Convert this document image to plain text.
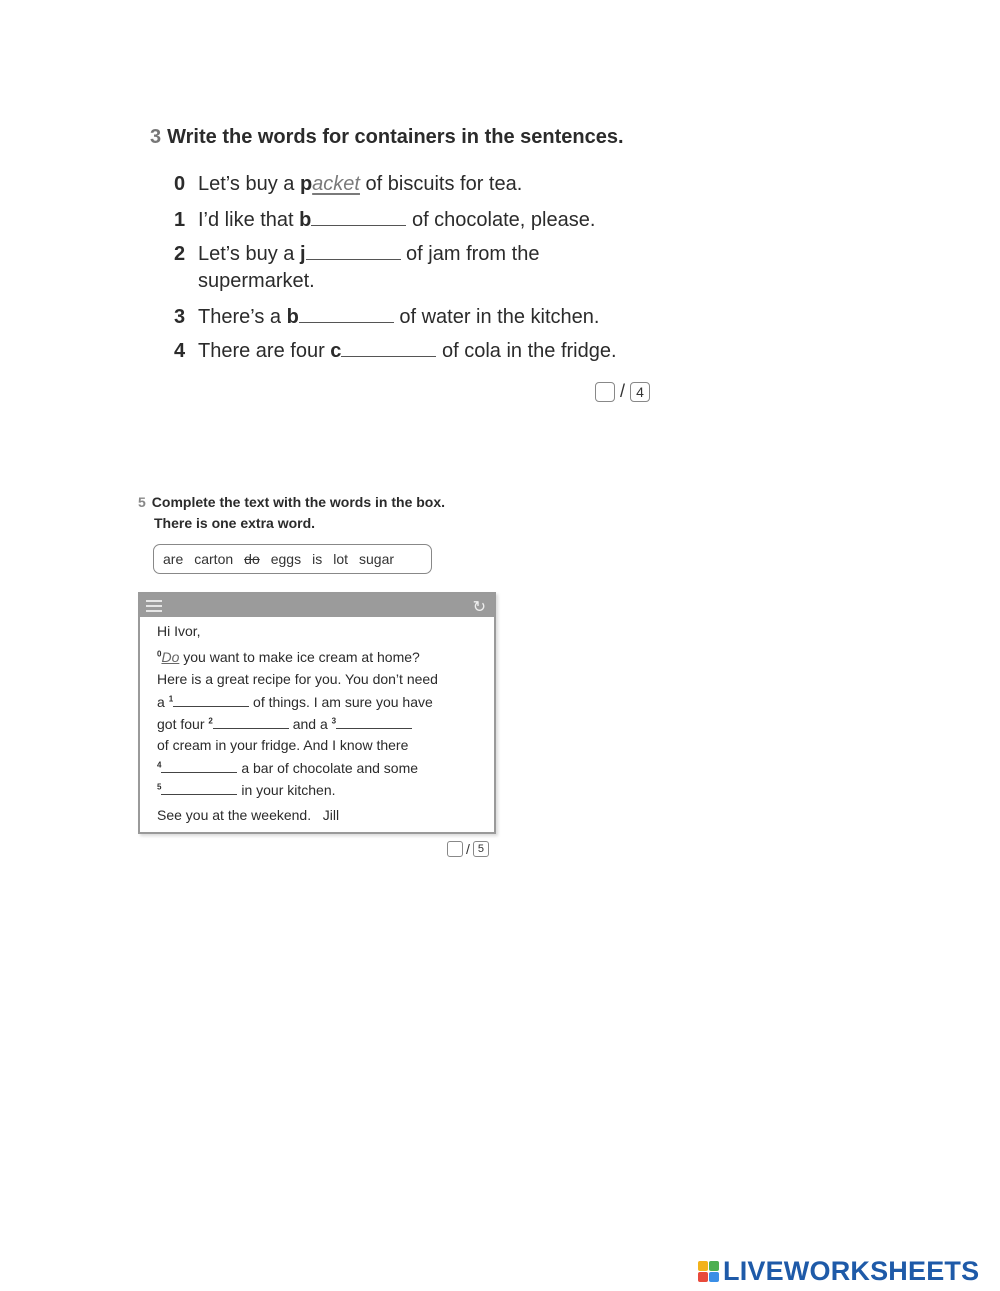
3 Write the words for containers in the sentences.
0 Let’s buy a packet of biscuits for tea.
1 I’d like that b	of chocolate, please.
2 Let’s buy a j	of jam from the
supermarket.
3 There’s a b	of water in the kitchen.
4 There are four c	of cola in the fridge.
/ 4
5 Complete the text with the words in the box.
There is one extra word.
are carton do eggs is lot sugar
↻
Hi Ivor,
$^0$Do you want to make ice cream at home?
Here is a great recipe for you. You don’t need
a $^1$	of things. I am sure you have
got four $^2$	and a $^3$
of cream in your fridge. And I know there
$^4$	a bar of chocolate and some
$^5$	in your kitchen.
See you at the weekend. Jill
/ 5
LIVEWORKSHEETS
